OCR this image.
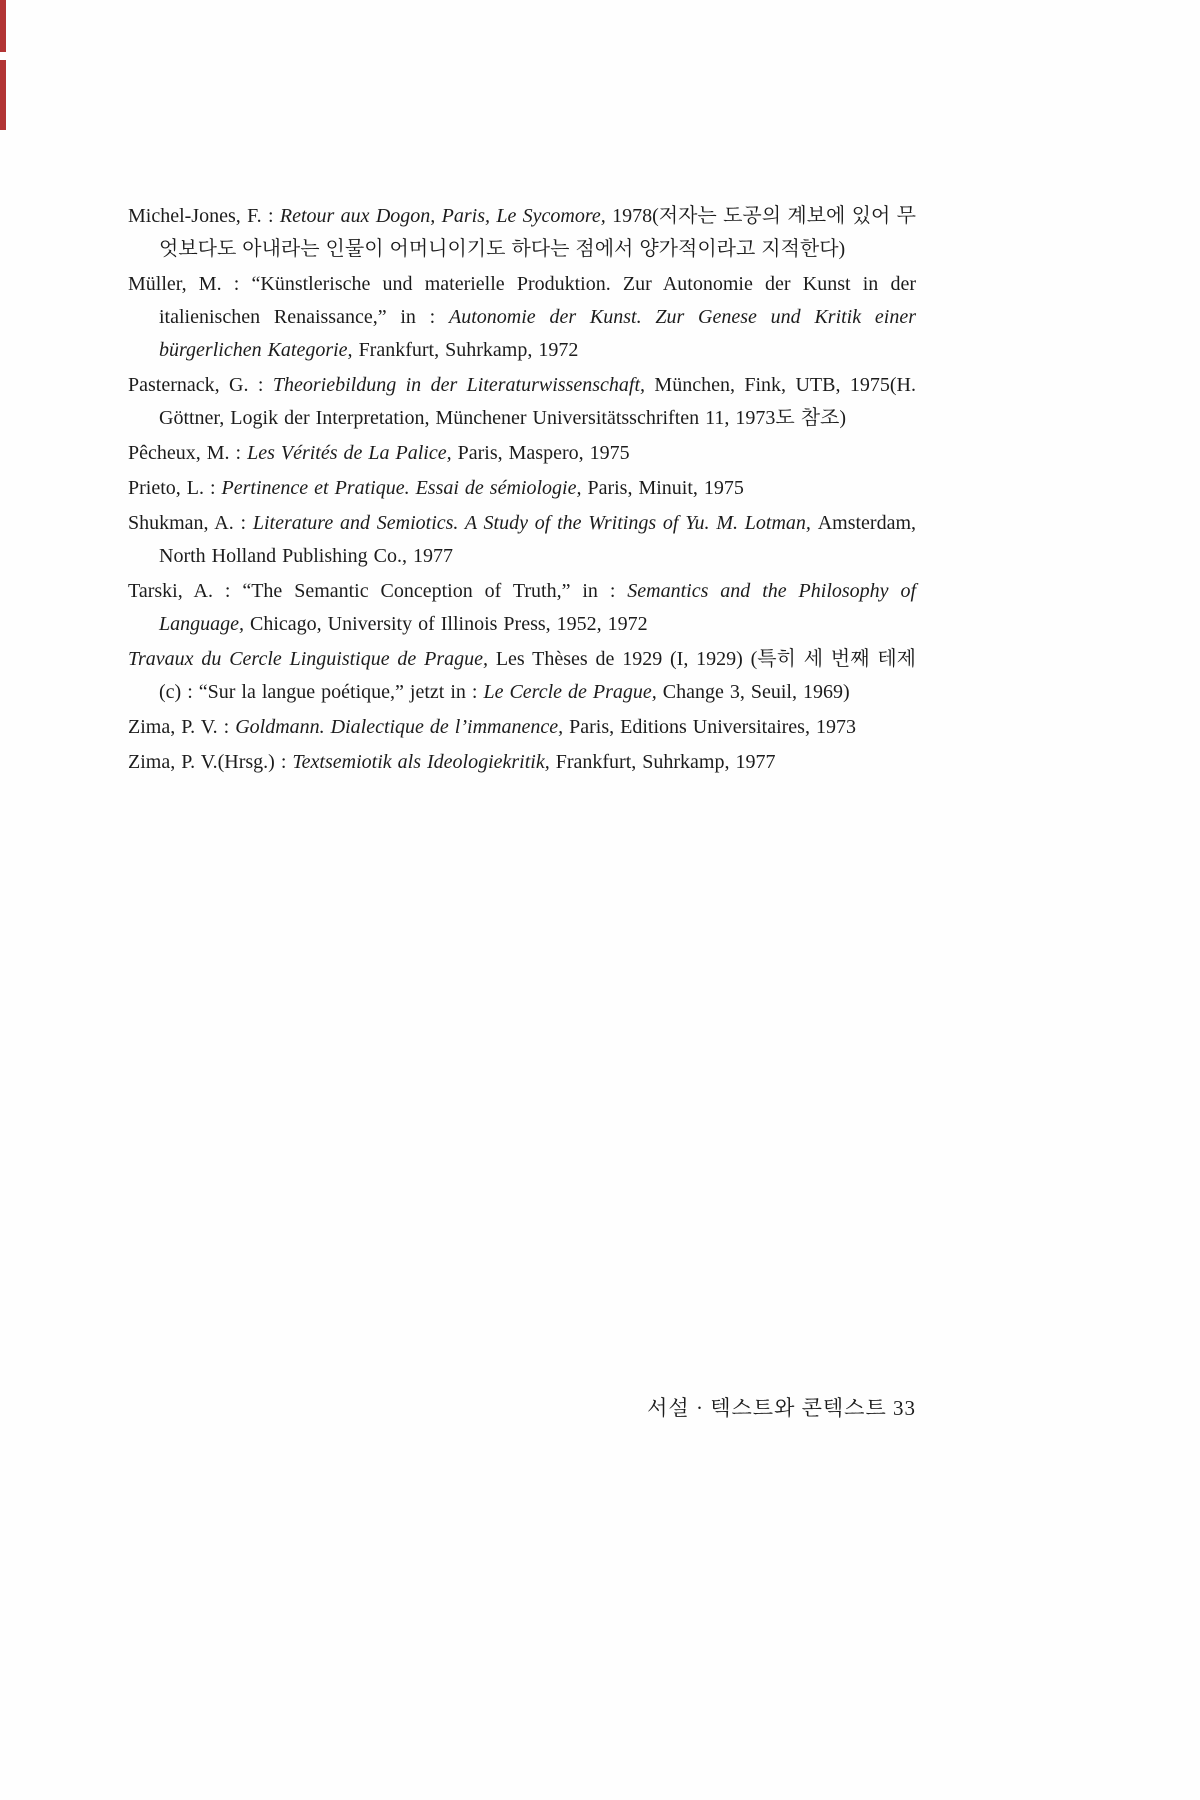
Michel-Jones, F. : Retour aux Dogon, Paris, Le Sycomore, 1978(저자는 도공의 계보에 있어 무엇보다도 아내라는 인물이 어머니이기도 하다는 점에서 양가적이라고 지적한다)

Müller, M. : “Künstlerische und materielle Produktion. Zur Autonomie der Kunst in der italienischen Renaissance,” in : Autonomie der Kunst. Zur Genese und Kritik einer bürgerlichen Kategorie, Frankfurt, Suhrkamp, 1972

Pasternack, G. : Theoriebildung in der Literaturwissenschaft, München, Fink, UTB, 1975(H. Göttner, Logik der Interpretation, Münchener Universitätsschriften 11, 1973도 참조)

Pêcheux, M. : Les Vérités de La Palice, Paris, Maspero, 1975

Prieto, L. : Pertinence et Pratique. Essai de sémiologie, Paris, Minuit, 1975

Shukman, A. : Literature and Semiotics. A Study of the Writings of Yu. M. Lotman, Amsterdam, North Holland Publishing Co., 1977

Tarski, A. : “The Semantic Conception of Truth,” in : Semantics and the Philosophy of Language, Chicago, University of Illinois Press, 1952, 1972

Travaux du Cercle Linguistique de Prague, Les Thèses de 1929 (I, 1929) (특히 세 번째 테제 (c) : “Sur la langue poétique,” jetzt in : Le Cercle de Prague, Change 3, Seuil, 1969)

Zima, P. V. : Goldmann. Dialectique de l’immanence, Paris, Editions Universitaires, 1973

Zima, P. V.(Hrsg.) : Textsemiotik als Ideologiekritik, Frankfurt, Suhrkamp, 1977

서설 · 텍스트와 콘텍스트 33
